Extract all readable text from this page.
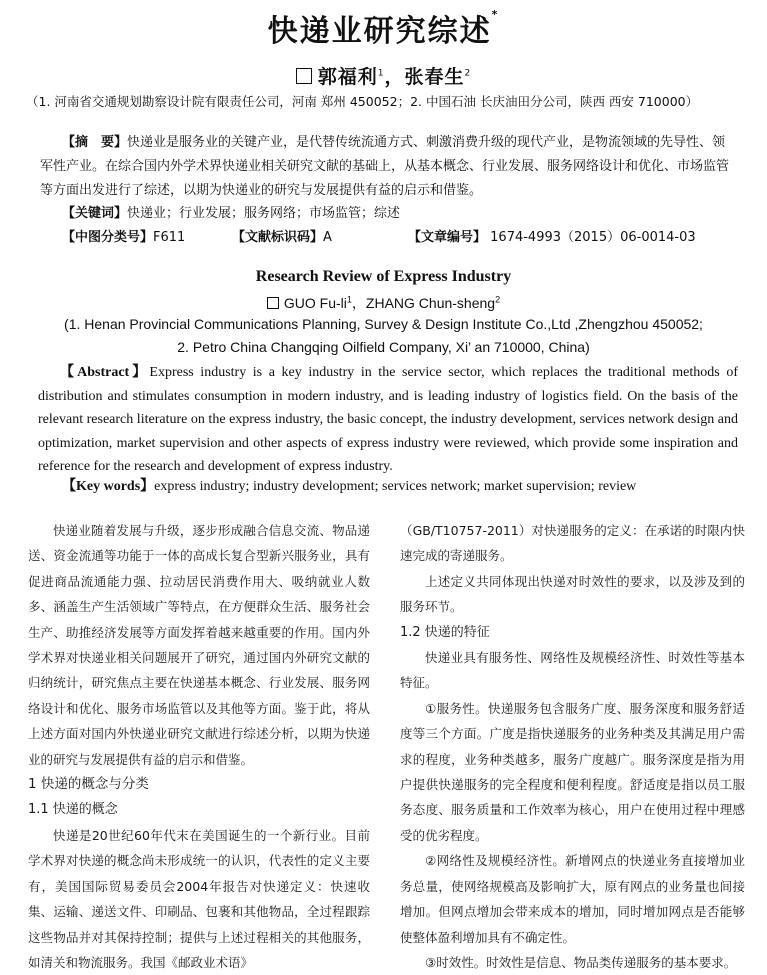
快递业研究综述*
郭福利$^1$，张春生$^2$
（1. 河南省交通规划勘察设计院有限责任公司，河南 郑州 450052；2. 中国石油 长庆油田分公司，陕西 西安 710000）
【摘　要】快递业是服务业的关键产业，是代替传统流通方式、刺激消费升级的现代产业，是物流领域的先导性、领军性产业。在综合国内外学术界快递业相关研究文献的基础上，从基本概念、行业发展、服务网络设计和优化、市场监管等方面出发进行了综述，以期为快递业的研究与发展提供有益的启示和借鉴。
【关键词】快递业；行业发展；服务网络；市场监管；综述
【中图分类号】F611	【文献标识码】A	【文章编号】 1674-4993（2015）06-0014-03
Research Review of Express Industry
GUO $Fu-li^1$，ZHANG Chun-sheng$^2$
(1. Henan Provincial Communications Planning, Survey & Design Institute Co.,Ltd ,Zhengzhou 450052;
2. Petro China Changqing Oilfield Company, Xi’ an 710000, China)
【Abstract】Express industry is a key industry in the service sector, which replaces the traditional methods of distribution and stimulates consumption in modern industry, and is leading industry of logistics field. On the basis of the relevant research literature on the express industry, the basic concept, the industry development, services network design and optimization, market supervision and other aspects of express industry were reviewed, which provide some inspiration and reference for the research and development of express industry.
【Key words】express industry; industry development; services network; market supervision; review

快递业随着发展与升级，逐步形成融合信息交流、物品递送、资金流通等功能于一体的高成长复合型新兴服务业，具有促进商品流通能力强、拉动居民消费作用大、吸纳就业人数多、涵盖生产生活领域广等特点，在方便群众生活、服务社会生产、助推经济发展等方面发挥着越来越重要的作用。国内外学术界对快递业相关问题展开了研究，通过国内外研究文献的归纳统计，研究焦点主要在快递基本概念、行业发展、服务网络设计和优化、服务市场监管以及其他等方面。鉴于此，将从上述方面对国内外快递业研究文献进行综述分析，以期为快递业的研究与发展提供有益的启示和借鉴。

1 快递的概念与分类
1.1 快递的概念

快递是20世纪60年代末在美国诞生的一个新行业。目前学术界对快递的概念尚未形成统一的认识，代表性的定义主要有，美国国际贸易委员会2004年报告对快递定义：快速收集、运输、递送文件、印刷品、包裹和其他物品，全过程跟踪这些物品并对其保持控制；提供与上述过程相关的其他服务，如清关和物流服务。我国《邮政业术语》

（GB/T10757-2011）对快递服务的定义：在承诺的时限内快速完成的寄递服务。

上述定义共同体现出快递对时效性的要求，以及涉及到的服务环节。

1.2 快递的特征

快递业具有服务性、网络性及规模经济性、时效性等基本特征。

①服务性。快递服务包含服务广度、服务深度和服务舒适度等三个方面。广度是指快递服务的业务种类及其满足用户需求的程度，业务种类越多，服务广度越广。服务深度是指为用户提供快递服务的完全程度和便利程度。舒适度是指以员工服务态度、服务质量和工作效率为核心，用户在使用过程中理感受的优劣程度。

②网络性及规模经济性。新增网点的快递业务直接增加业务总量，使网络规模高及影响扩大，原有网点的业务量也间接增加。但网点增加会带来成本的增加，同时增加网点是否能够使整体盈利增加具有不确定性。

③时效性。时效性是信息、物品类传递服务的基本要求。
